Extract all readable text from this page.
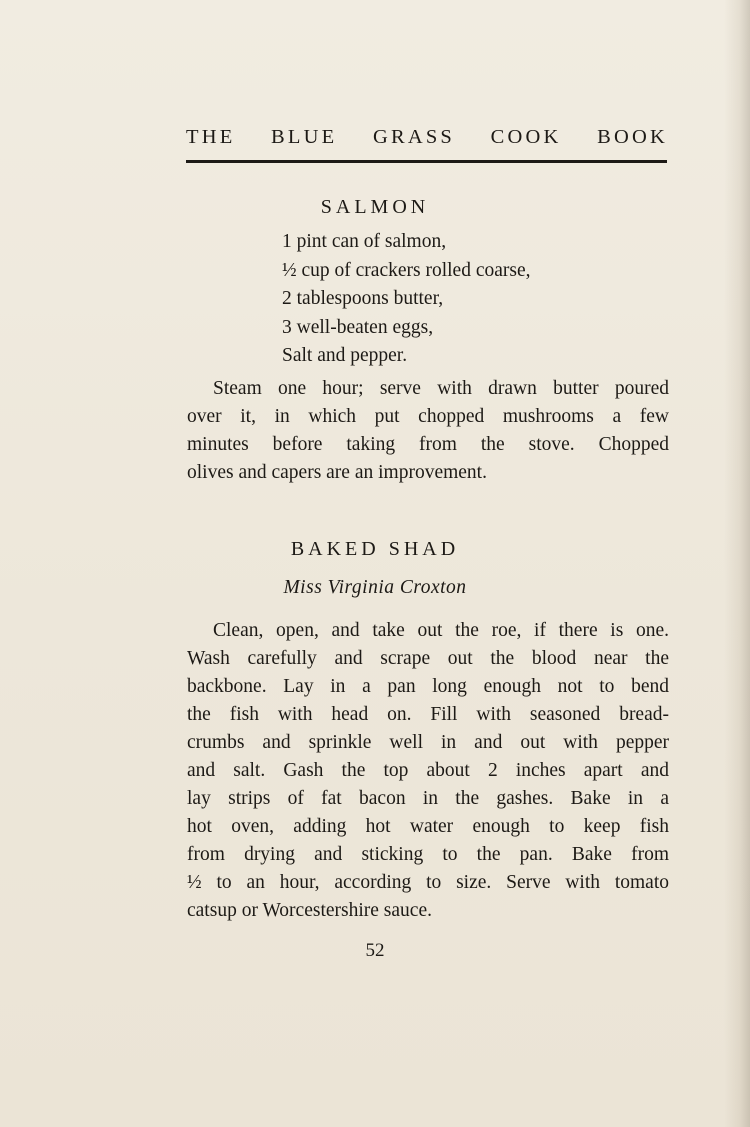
THE BLUE GRASS COOK BOOK
SALMON
1 pint can of salmon,
½ cup of crackers rolled coarse,
2 tablespoons butter,
3 well-beaten eggs,
Salt and pepper.

Steam one hour; serve with drawn butter poured
over it, in which put chopped mushrooms a few
minutes before taking from the stove. Chopped
olives and capers are an improvement.

BAKED SHAD
Miss Virginia Croxton

Clean, open, and take out the roe, if there is one.
Wash carefully and scrape out the blood near the
backbone. Lay in a pan long enough not to bend
the fish with head on. Fill with seasoned bread-
crumbs and sprinkle well in and out with pepper
and salt. Gash the top about 2 inches apart and
lay strips of fat bacon in the gashes. Bake in a
hot oven, adding hot water enough to keep fish
from drying and sticking to the pan. Bake from
½ to an hour, according to size. Serve with tomato
catsup or Worcestershire sauce.

52
